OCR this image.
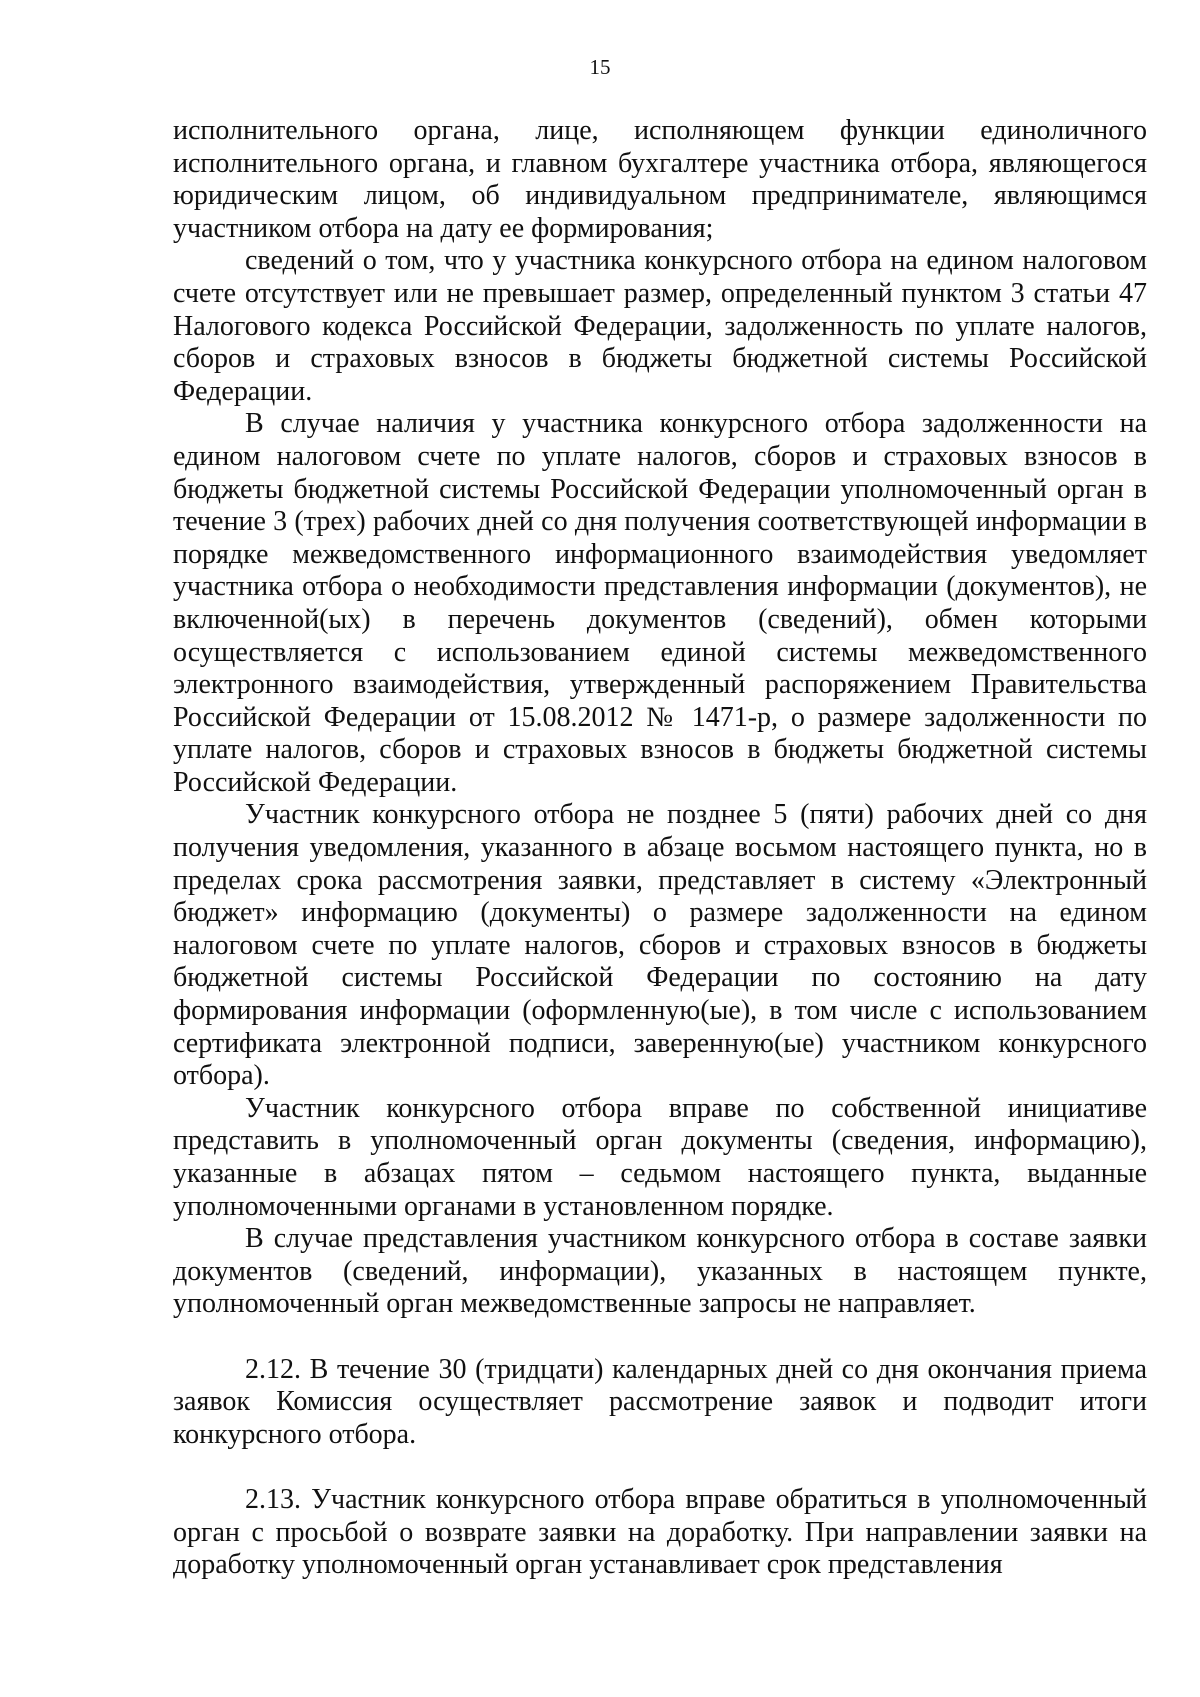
15

исполнительного органа, лице, исполняющем функции единоличного исполнительного органа, и главном бухгалтере участника отбора, являющегося юридическим лицом, об индивидуальном предпринимателе, являющимся участником отбора на дату ее формирования;

сведений о том, что у участника конкурсного отбора на едином налоговом счете отсутствует или не превышает размер, определенный пунктом 3 статьи 47 Налогового кодекса Российской Федерации, задолженность по уплате налогов, сборов и страховых взносов в бюджеты бюджетной системы Российской Федерации.

В случае наличия у участника конкурсного отбора задолженности на едином налоговом счете по уплате налогов, сборов и страховых взносов в бюджеты бюджетной системы Российской Федерации уполномоченный орган в течение 3 (трех) рабочих дней со дня получения соответствующей информации в порядке межведомственного информационного взаимодействия уведомляет участника отбора о необходимости представления информации (документов), не включенной(ых) в перечень документов (сведений), обмен которыми осуществляется с использованием единой системы межведомственного электронного взаимодействия, утвержденный распоряжением Правительства Российской Федерации от 15.08.2012 № 1471-р, о размере задолженности по уплате налогов, сборов и страховых взносов в бюджеты бюджетной системы Российской Федерации.

Участник конкурсного отбора не позднее 5 (пяти) рабочих дней со дня получения уведомления, указанного в абзаце восьмом настоящего пункта, но в пределах срока рассмотрения заявки, представляет в систему «Электронный бюджет» информацию (документы) о размере задолженности на едином налоговом счете по уплате налогов, сборов и страховых взносов в бюджеты бюджетной системы Российской Федерации по состоянию на дату формирования информации (оформленную(ые), в том числе с использованием сертификата электронной подписи, заверенную(ые) участником конкурсного отбора).

Участник конкурсного отбора вправе по собственной инициативе представить в уполномоченный орган документы (сведения, информацию), указанные в абзацах пятом – седьмом настоящего пункта, выданные уполномоченными органами в установленном порядке.

В случае представления участником конкурсного отбора в составе заявки документов (сведений, информации), указанных в настоящем пункте, уполномоченный орган межведомственные запросы не направляет.

2.12. В течение 30 (тридцати) календарных дней со дня окончания приема заявок Комиссия осуществляет рассмотрение заявок и подводит итоги конкурсного отбора.

2.13. Участник конкурсного отбора вправе обратиться в уполномоченный орган с просьбой о возврате заявки на доработку. При направлении заявки на доработку уполномоченный орган устанавливает срок представления
